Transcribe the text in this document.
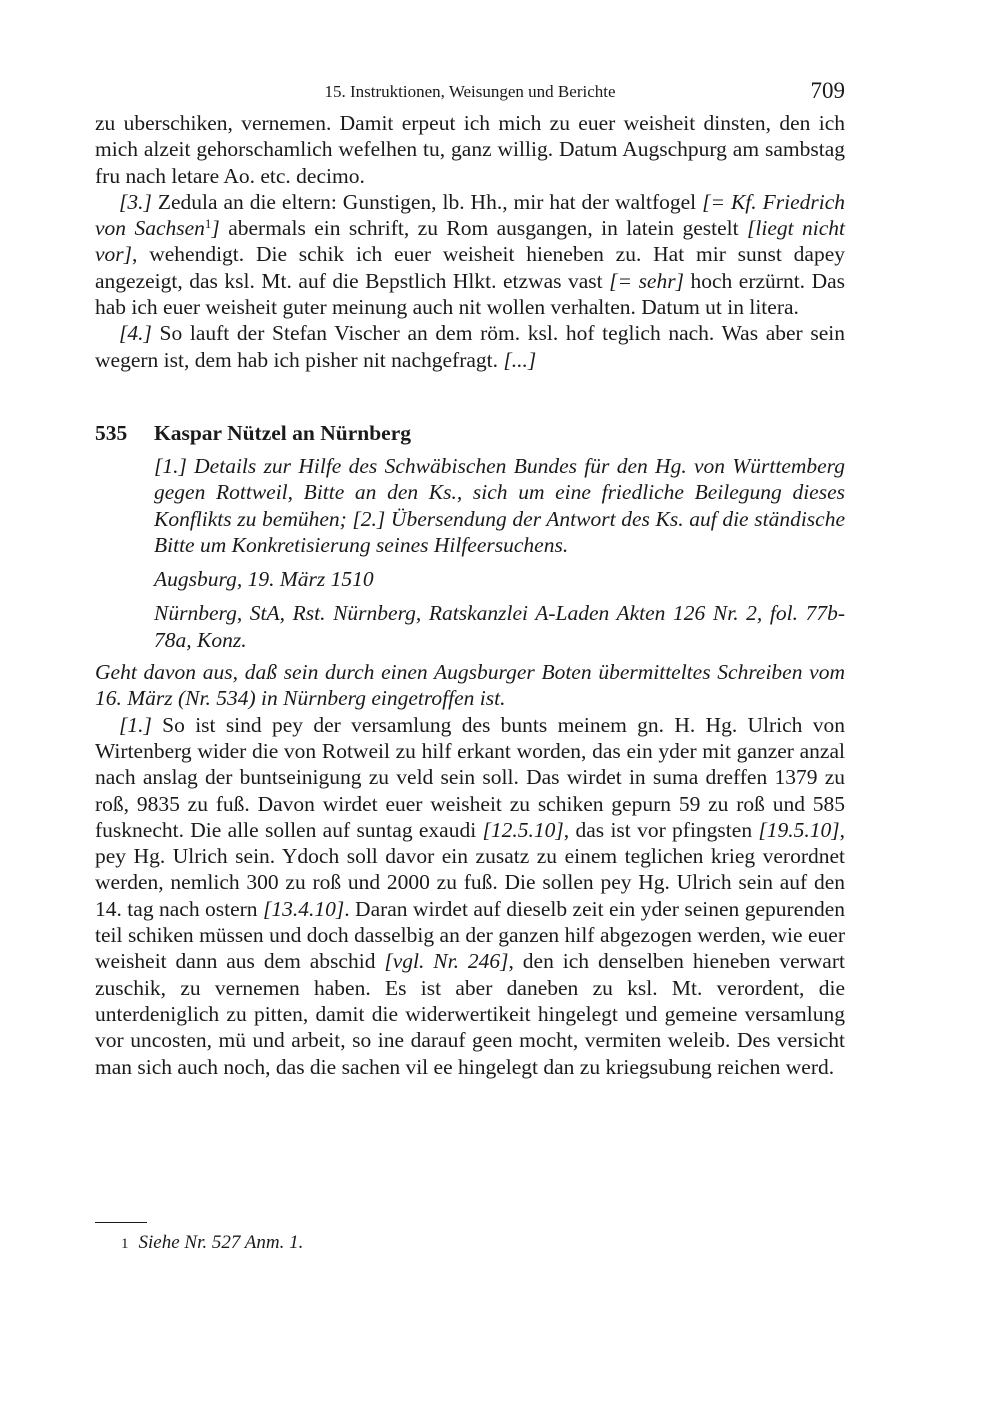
15. Instruktionen, Weisungen und Berichte	709

zu uberschiken, vernemen. Damit erpeut ich mich zu euer weisheit dinsten, den ich mich alzeit gehorschamlich wefelhen tu, ganz willig. Datum Augschpurg am sambstag fru nach letare Ao. etc. decimo.

[3.] Zedula an die eltern: Gunstigen, lb. Hh., mir hat der waltfogel [= Kf. Friedrich von Sachsen$^1$] abermals ein schrift, zu Rom ausgangen, in latein gestelt [liegt nicht vor], wehendigt. Die schik ich euer weisheit hieneben zu. Hat mir sunst dapey angezeigt, das ksl. Mt. auf die Bepstlich Hlkt. etzwas vast [= sehr] hoch erzürnt. Das hab ich euer weisheit guter meinung auch nit wollen verhalten. Datum ut in litera.

[4.] So lauft der Stefan Vischer an dem röm. ksl. hof teglich nach. Was aber sein wegern ist, dem hab ich pisher nit nachgefragt. [...]

535	Kaspar Nützel an Nürnberg

[1.] Details zur Hilfe des Schwäbischen Bundes für den Hg. von Württemberg gegen Rottweil, Bitte an den Ks., sich um eine friedliche Beilegung dieses Konflikts zu bemühen; [2.] Übersendung der Antwort des Ks. auf die ständische Bitte um Konkretisierung seines Hilfeersuchens.

Augsburg, 19. März 1510

Nürnberg, StA, Rst. Nürnberg, Ratskanzlei A-Laden Akten 126 Nr. 2, fol. 77b-78a, Konz.

Geht davon aus, daß sein durch einen Augsburger Boten übermitteltes Schreiben vom 16. März (Nr. 534) in Nürnberg eingetroffen ist.

[1.] So ist sind pey der versamlung des bunts meinem gn. H. Hg. Ulrich von Wirtenberg wider die von Rotweil zu hilf erkant worden, das ein yder mit ganzer anzal nach anslag der buntseinigung zu veld sein soll. Das wirdet in suma dreffen 1379 zu roß, 9835 zu fuß. Davon wirdet euer weisheit zu schiken gepurn 59 zu roß und 585 fusknecht. Die alle sollen auf suntag exaudi [12.5.10], das ist vor pfingsten [19.5.10], pey Hg. Ulrich sein. Ydoch soll davor ein zusatz zu einem teglichen krieg verordnet werden, nemlich 300 zu roß und 2000 zu fuß. Die sollen pey Hg. Ulrich sein auf den 14. tag nach ostern [13.4.10]. Daran wirdet auf dieselb zeit ein yder seinen gepurenden teil schiken müssen und doch dasselbig an der ganzen hilf abgezogen werden, wie euer weisheit dann aus dem abschid [vgl. Nr. 246], den ich denselben hieneben verwart zuschik, zu vernemen haben. Es ist aber daneben zu ksl. Mt. verordent, die unterdeniglich zu pitten, damit die widerwertikeit hingelegt und gemeine versamlung vor uncosten, mü und arbeit, so ine darauf geen mocht, vermiten weleib. Des versicht man sich auch noch, das die sachen vil ee hingelegt dan zu kriegsubung reichen werd.

1 Siehe Nr. 527 Anm. 1.
